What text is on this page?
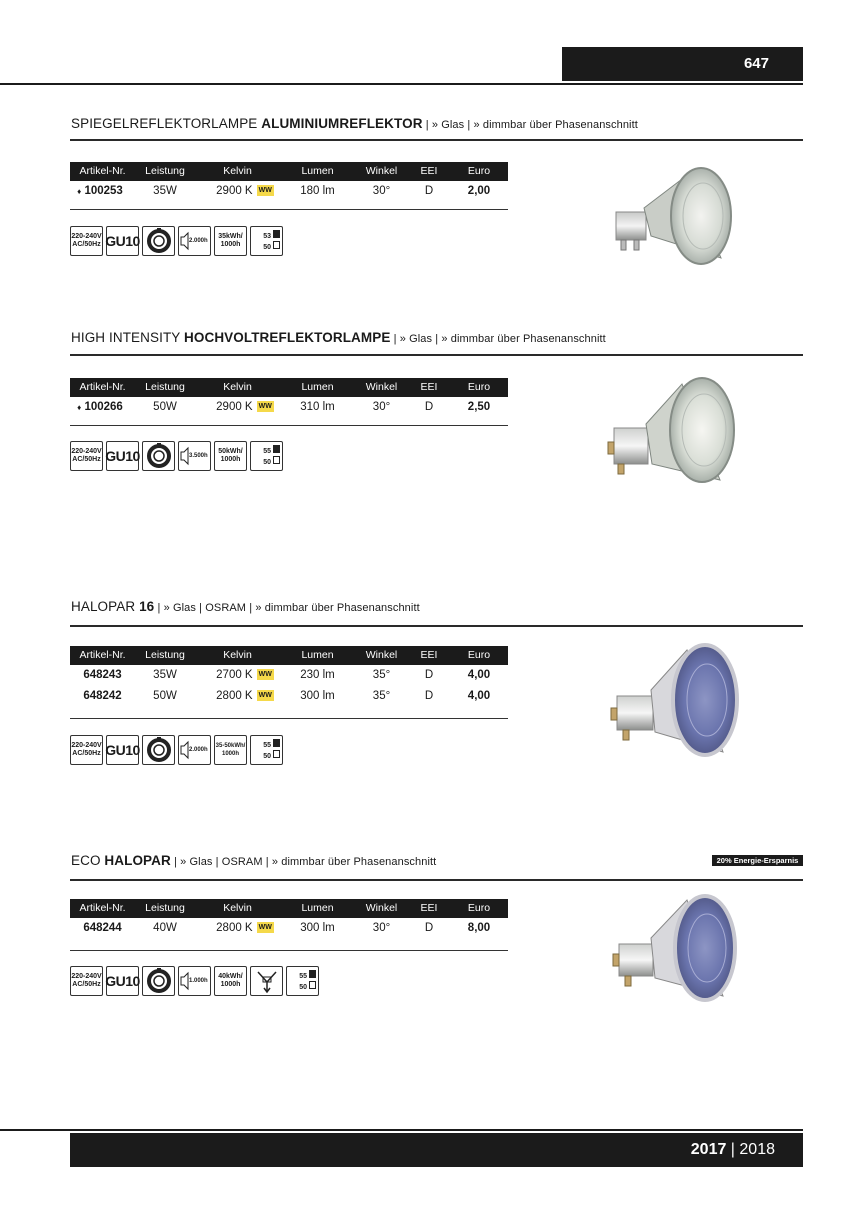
647
SPIEGELREFLEKTORLAMPE ALUMINIUMREFLEKTOR | » Glas | » dimmbar über Phasenanschnitt
Artikel-Nr.	Leistung	Kelvin	Lumen	Winkel	EEI	Euro
♦ 100253	35W	2900 K WW	180 lm	30°	D	2,00
220-240V AC/50Hz GU10	2.000h
35kWh/ 1000h
53
50
HIGH INTENSITY HOCHVOLTREFLEKTORLAMPE | » Glas | » dimmbar über Phasenanschnitt
Artikel-Nr.	Leistung	Kelvin	Lumen	Winkel	EEI	Euro
♦ 100266	50W	2900 K WW	310 lm	30°	D	2,50
220-240V AC/50Hz GU10	3.500h
50kWh/ 1000h
55
50
HALOPAR 16 | » Glas | OSRAM | » dimmbar über Phasenanschnitt
Artikel-Nr.	Leistung	Kelvin	Lumen	Winkel	EEI	Euro
648243	35W	2700 K WW	230 lm	35°	D	4,00
648242	50W	2800 K WW	300 lm	35°	D	4,00
220-240V AC/50Hz GU10	2.000h
35-50kWh/ 1000h
55
50
ECO HALOPAR | » Glas | OSRAM | » dimmbar über Phasenanschnitt	20% Energie-Ersparnis
Artikel-Nr.	Leistung	Kelvin	Lumen	Winkel	EEI	Euro
648244	40W	2800 K WW	300 lm	30°	D	8,00
220-240V AC/50Hz GU10	1.000h
40kWh/ 1000h
55
50
2017 | 2018
